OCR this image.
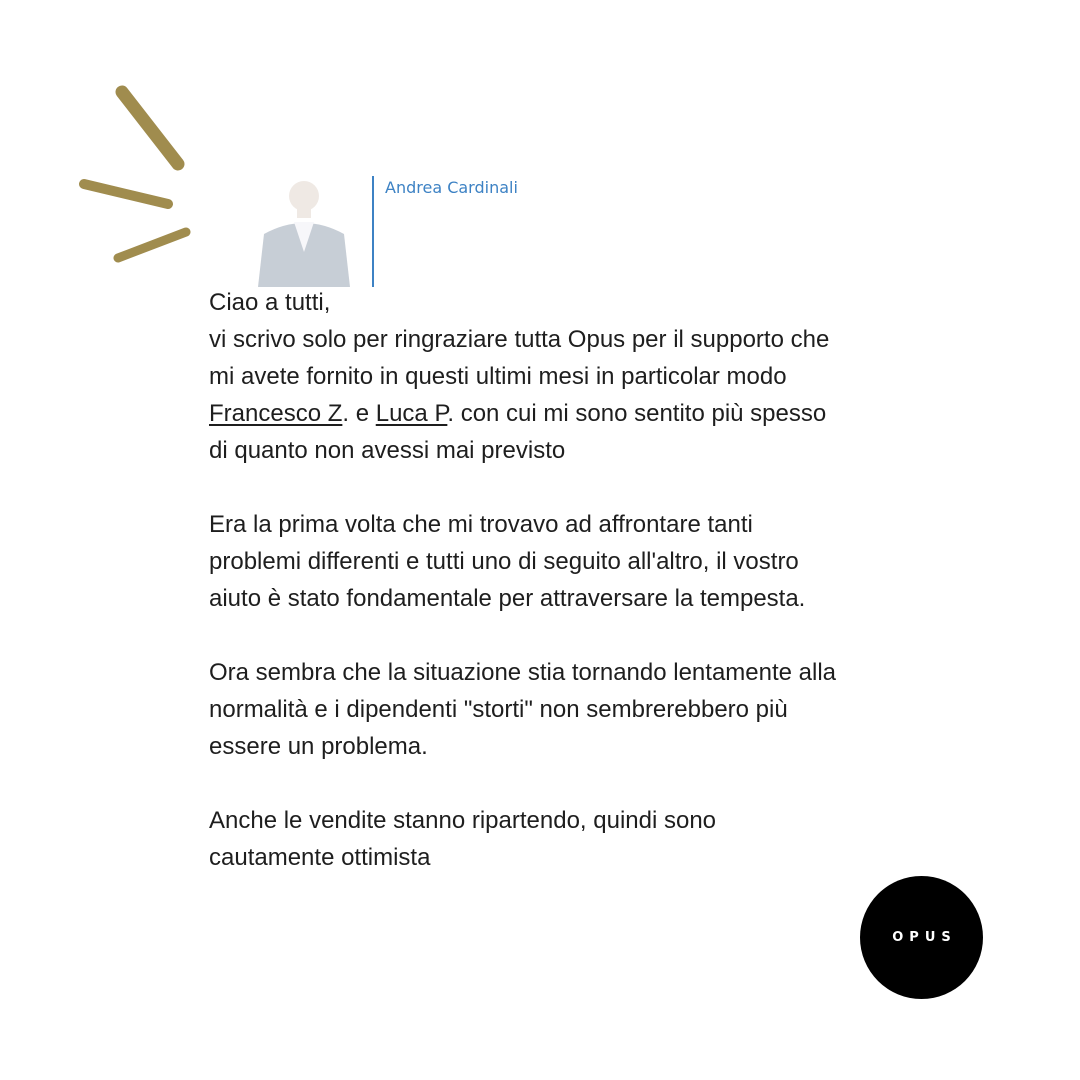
Andrea Cardinali

Ciao a tutti,
vi scrivo solo per ringraziare tutta Opus per il supporto che
mi avete fornito in questi ultimi mesi in particolar modo
Francesco Z. e Luca P. con cui mi sono sentito più spesso
di quanto non avessi mai previsto

Era la prima volta che mi trovavo ad affrontare tanti
problemi differenti e tutti uno di seguito all'altro, il vostro
aiuto è stato fondamentale per attraversare la tempesta.

Ora sembra che la situazione stia tornando lentamente alla
normalità e i dipendenti "storti" non sembrerebbero più
essere un problema.

Anche le vendite stanno ripartendo, quindi sono
cautamente ottimista

OPUS
